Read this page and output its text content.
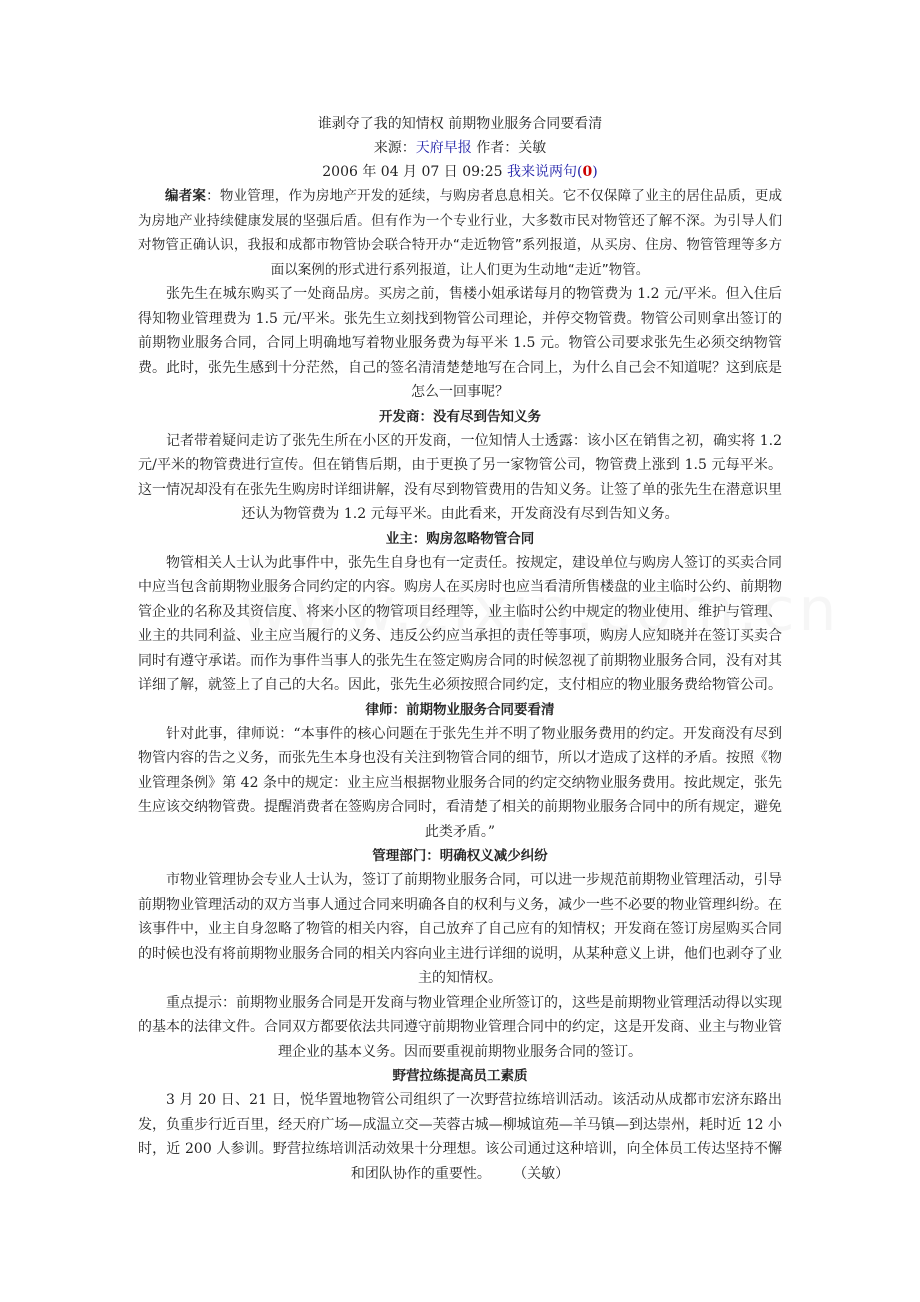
谁剥夺了我的知情权 前期物业服务合同要看清

来源：天府早报 作者：关敏

2006 年 04 月 07 日 09:25 我来说两句(0)

编者案：物业管理，作为房地产开发的延续，与购房者息息相关。它不仅保障了业主的居住品质，更成为房地产业持续健康发展的坚强后盾。但有作为一个专业行业，大多数市民对物管还了解不深。为引导人们对物管正确认识，我报和成都市物管协会联合特开办“走近物管”系列报道，从买房、住房、物管管理等多方面以案例的形式进行系列报道，让人们更为生动地“走近”物管。

张先生在城东购买了一处商品房。买房之前，售楼小姐承诺每月的物管费为 1.2 元/平米。但入住后得知物业管理费为 1.5 元/平米。张先生立刻找到物管公司理论，并停交物管费。物管公司则拿出签订的前期物业服务合同，合同上明确地写着物业服务费为每平米 1.5 元。物管公司要求张先生必须交纳物管费。此时，张先生感到十分茫然，自己的签名清清楚楚地写在合同上，为什么自己会不知道呢？这到底是怎么一回事呢？

开发商：没有尽到告知义务

记者带着疑问走访了张先生所在小区的开发商，一位知情人士透露：该小区在销售之初，确实将 1.2 元/平米的物管费进行宣传。但在销售后期，由于更换了另一家物管公司，物管费上涨到 1.5 元每平米。这一情况却没有在张先生购房时详细讲解，没有尽到物管费用的告知义务。让签了单的张先生在潜意识里还认为物管费为 1.2 元每平米。由此看来，开发商没有尽到告知义务。

业主：购房忽略物管合同

物管相关人士认为此事件中，张先生自身也有一定责任。按规定，建设单位与购房人签订的买卖合同中应当包含前期物业服务合同约定的内容。购房人在买房时也应当看清所售楼盘的业主临时公约、前期物管企业的名称及其资信度、将来小区的物管项目经理等，业主临时公约中规定的物业使用、维护与管理、业主的共同利益、业主应当履行的义务、违反公约应当承担的责任等事项，购房人应知晓并在签订买卖合同时有遵守承诺。而作为事件当事人的张先生在签定购房合同的时候忽视了前期物业服务合同，没有对其详细了解，就签上了自己的大名。因此，张先生必须按照合同约定，支付相应的物业服务费给物管公司。

律师：前期物业服务合同要看清

针对此事，律师说：“本事件的核心问题在于张先生并不明了物业服务费用的约定。开发商没有尽到物管内容的告之义务，而张先生本身也没有关注到物管合同的细节，所以才造成了这样的矛盾。按照《物业管理条例》第 42 条中的规定：业主应当根据物业服务合同的约定交纳物业服务费用。按此规定，张先生应该交纳物管费。提醒消费者在签购房合同时，看清楚了相关的前期物业服务合同中的所有规定，避免此类矛盾。”

管理部门：明确权义减少纠纷

市物业管理协会专业人士认为，签订了前期物业服务合同，可以进一步规范前期物业管理活动，引导前期物业管理活动的双方当事人通过合同来明确各自的权利与义务，减少一些不必要的物业管理纠纷。在该事件中，业主自身忽略了物管的相关内容，自己放弃了自己应有的知情权；开发商在签订房屋购买合同的时候也没有将前期物业服务合同的相关内容向业主进行详细的说明，从某种意义上讲，他们也剥夺了业主的知情权。

重点提示：前期物业服务合同是开发商与物业管理企业所签订的，这些是前期物业管理活动得以实现的基本的法律文件。合同双方都要依法共同遵守前期物业管理合同中的约定，这是开发商、业主与物业管理企业的基本义务。因而要重视前期物业服务合同的签订。

野营拉练提高员工素质

3 月 20 日、21 日，悦华置地物管公司组织了一次野营拉练培训活动。该活动从成都市宏济东路出发，负重步行近百里，经天府广场—成温立交—芙蓉古城—柳城谊苑—羊马镇—到达崇州，耗时近 12 小时，近 200 人参训。野营拉练培训活动效果十分理想。该公司通过这种培训，向全体员工传达坚持不懈和团队协作的重要性。 （关敏）
